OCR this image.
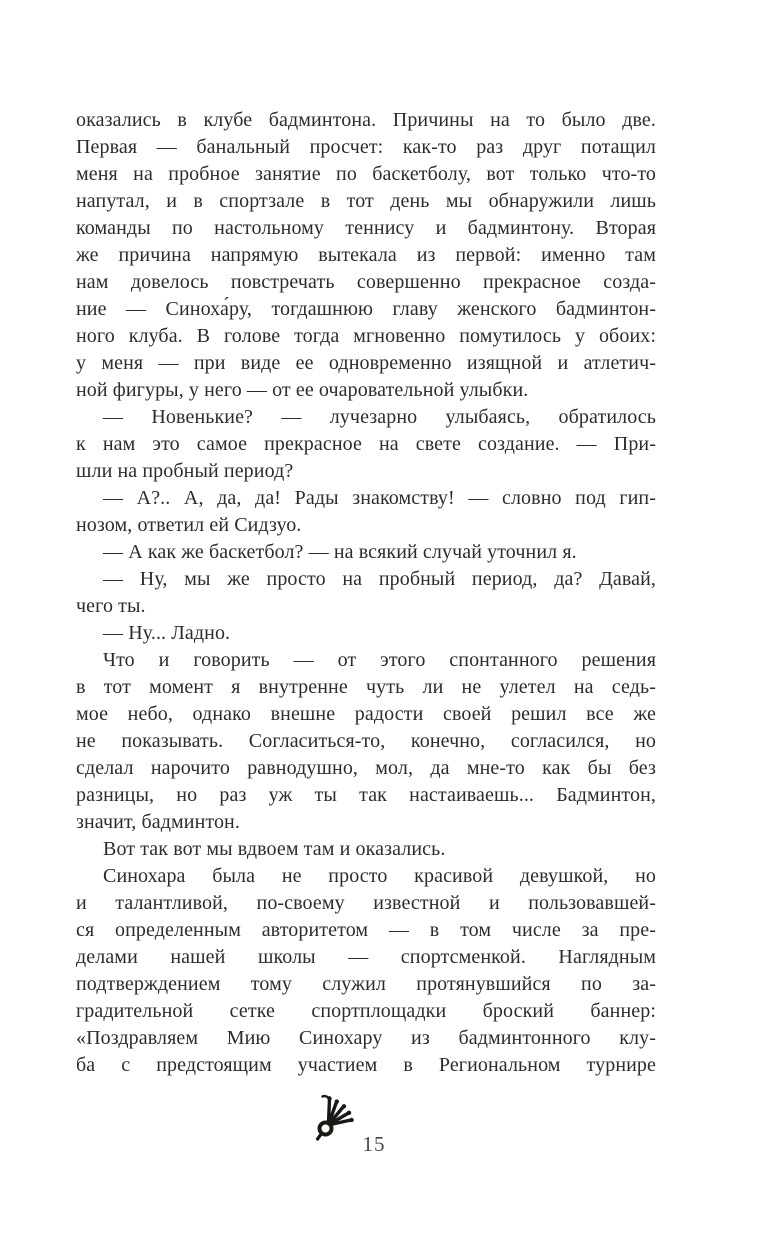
оказались в клубе бадминтона. Причины на то было две.
Первая — банальный просчет: как-то раз друг потащил
меня на пробное занятие по баскетболу, вот только что-то
напутал, и в спортзале в тот день мы обнаружили лишь
команды по настольному теннису и бадминтону. Вторая
же причина напрямую вытекала из первой: именно там
нам довелось повстречать совершенно прекрасное созда-
ние — Синоха́ру, тогдашнюю главу женского бадминтон-
ного клуба. В голове тогда мгновенно помутилось у обоих:
у меня — при виде ее одновременно изящной и атлетич-
ной фигуры, у него — от ее очаровательной улыбки.
— Новенькие? — лучезарно улыбаясь, обратилось
к нам это самое прекрасное на свете создание. — При-
шли на пробный период?
— А?.. А, да, да! Рады знакомству! — словно под гип-
нозом, ответил ей Сидзуо.
— А как же баскетбол? — на всякий случай уточнил я.
— Ну, мы же просто на пробный период, да? Давай,
чего ты.
— Ну... Ладно.
Что и говорить — от этого спонтанного решения
в тот момент я внутренне чуть ли не улетел на седь-
мое небо, однако внешне радости своей решил все же
не показывать. Согласиться-то, конечно, согласился, но
сделал нарочито равнодушно, мол, да мне-то как бы без
разницы, но раз уж ты так настаиваешь... Бадминтон,
значит, бадминтон.
Вот так вот мы вдвоем там и оказались.
Синохара была не просто красивой девушкой, но
и талантливой, по-своему известной и пользовавшей-
ся определенным авторитетом — в том числе за пре-
делами нашей школы — спортсменкой. Наглядным
подтверждением тому служил протянувшийся по за-
градительной сетке спортплощадки броский баннер:
«Поздравляем Мию Синохару из бадминтонного клу-
ба с предстоящим участием в Региональном турнире
15
